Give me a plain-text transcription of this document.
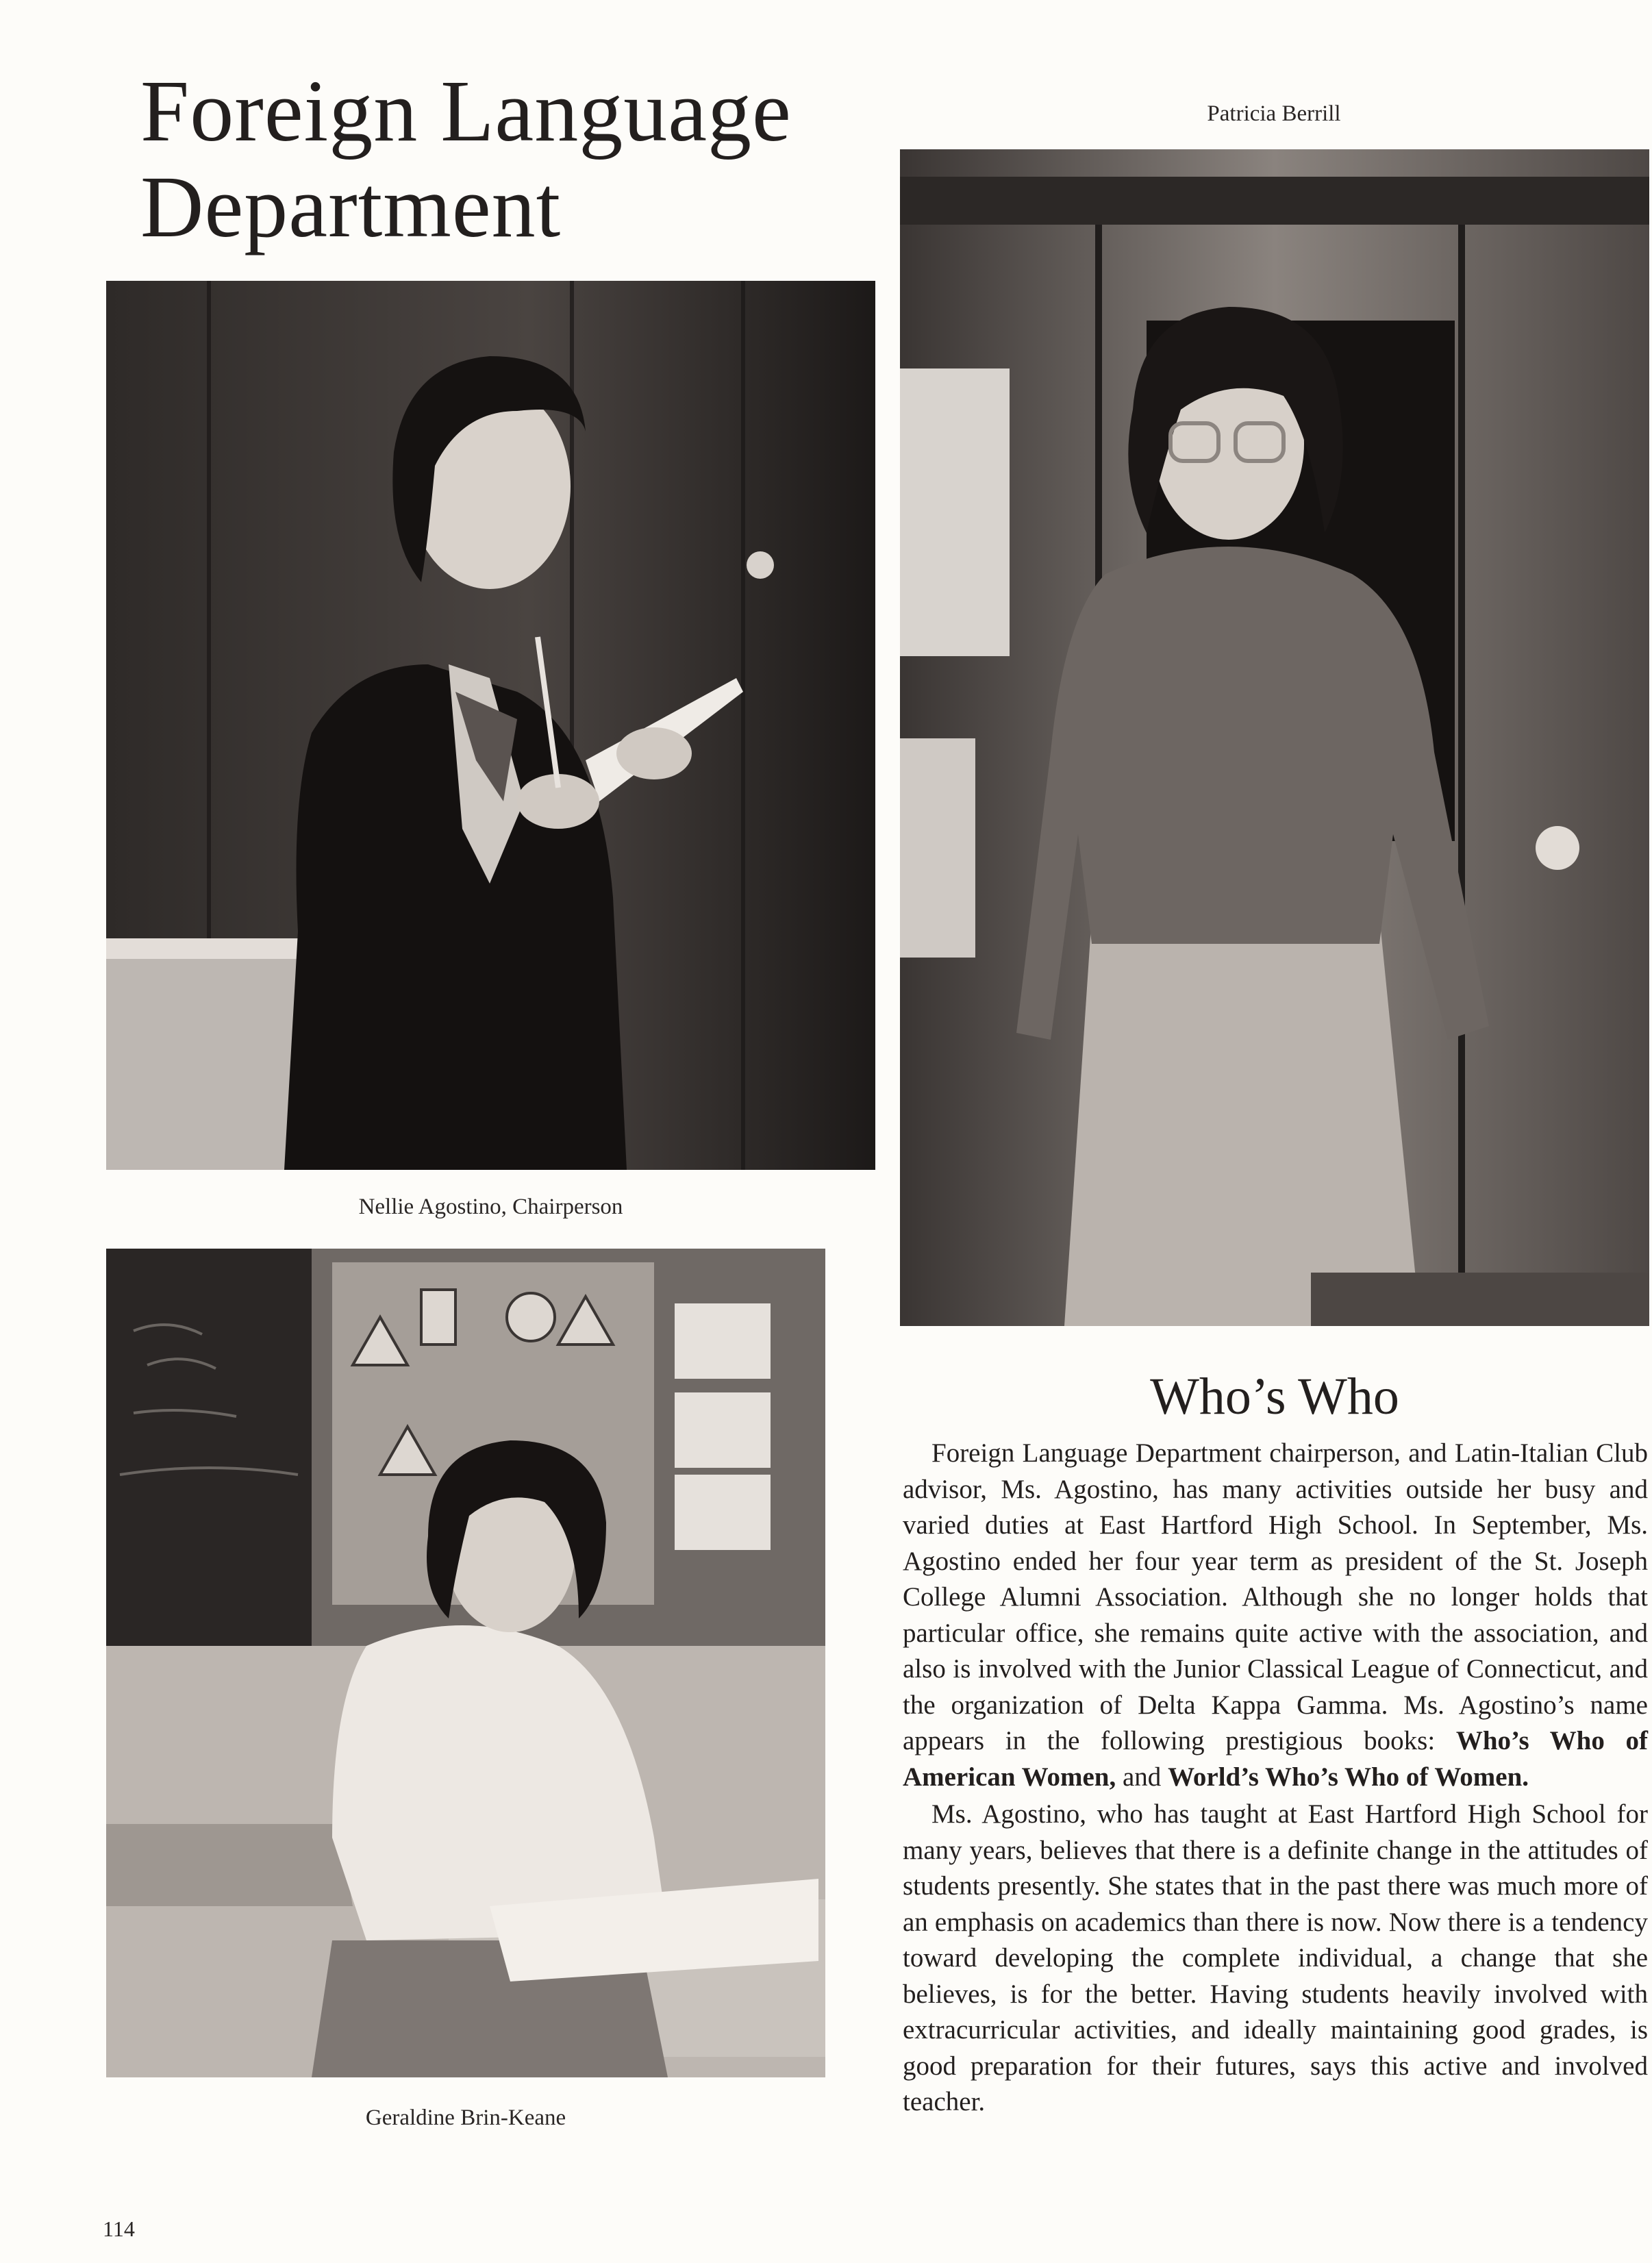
Foreign Language Department
Nellie Agostino, Chairperson
Patricia Berrill
Geraldine Brin-Keane
114
Who’s Who

Foreign Language Department chairperson, and Latin-Italian Club advisor, Ms. Agostino, has many activities outside her busy and varied duties at East Hartford High School. In September, Ms. Agostino ended her four year term as president of the St. Joseph College Alumni Association. Although she no longer holds that particular office, she remains quite active with the association, and also is involved with the Junior Classical League of Connecticut, and the organization of Delta Kappa Gamma. Ms. Agostino’s name appears in the following prestigious books: Who’s Who of American Women, and World’s Who’s Who of Women.

Ms. Agostino, who has taught at East Hartford High School for many years, believes that there is a definite change in the attitudes of students presently. She states that in the past there was much more of an emphasis on academics than there is now. Now there is a tendency toward developing the complete individual, a change that she believes, is for the better. Having students heavily involved with extracurricular activities, and ideally maintaining good grades, is good preparation for their futures, says this active and involved teacher.
